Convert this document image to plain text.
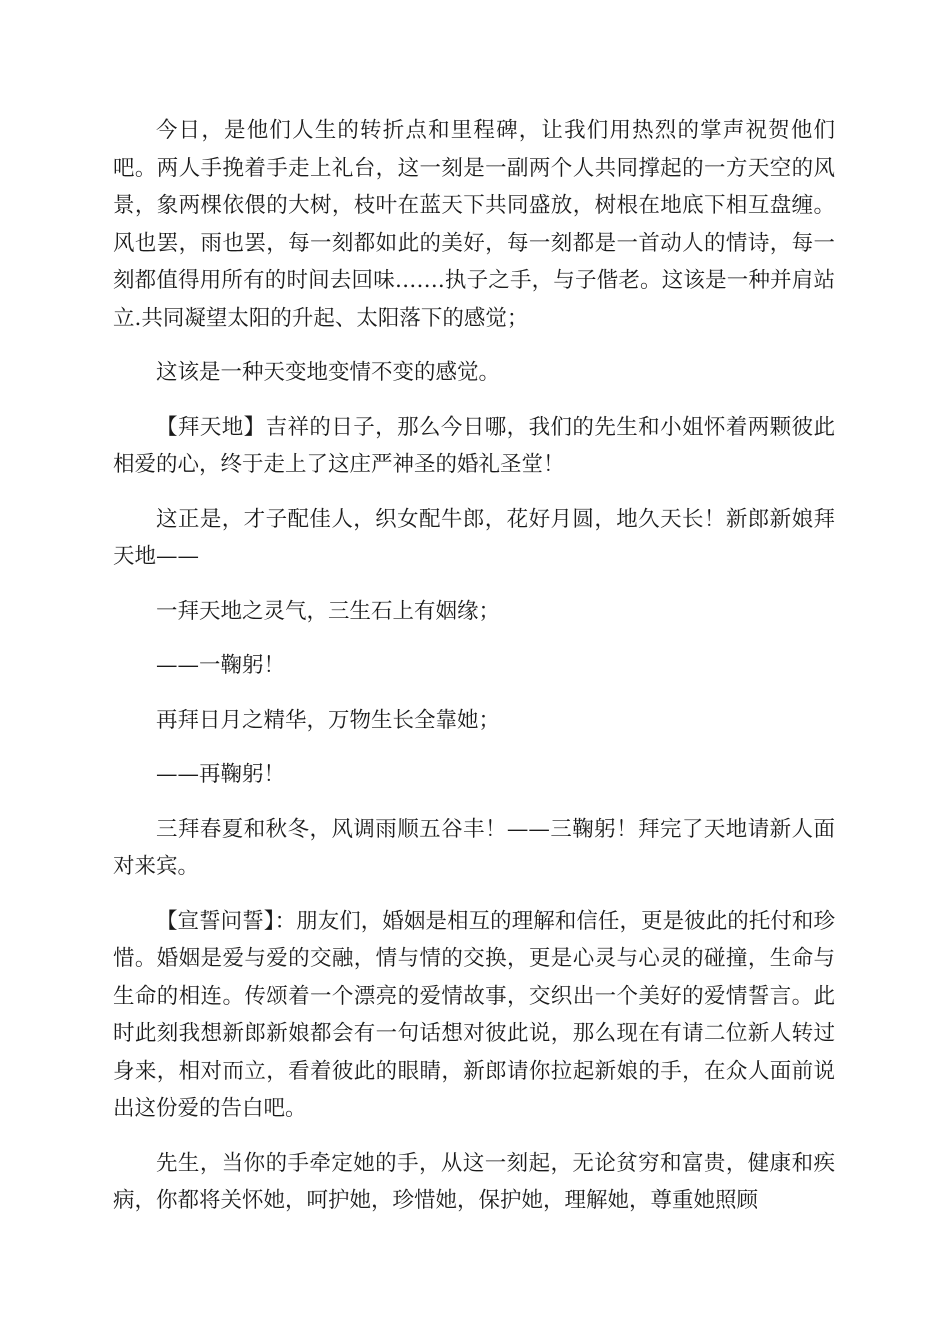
今日，是他们人生的转折点和里程碑，让我们用热烈的掌声祝贺他们吧。两人手挽着手走上礼台，这一刻是一副两个人共同撑起的一方天空的风景，象两棵依偎的大树，枝叶在蓝天下共同盛放，树根在地底下相互盘缠。风也罢，雨也罢，每一刻都如此的美好，每一刻都是一首动人的情诗，每一刻都值得用所有的时间去回味…….执子之手，与子偕老。这该是一种并肩站立.共同凝望太阳的升起、太阳落下的感觉；

这该是一种天变地变情不变的感觉。

【拜天地】吉祥的日子，那么今日哪，我们的先生和小姐怀着两颗彼此相爱的心，终于走上了这庄严神圣的婚礼圣堂！

这正是，才子配佳人，织女配牛郎，花好月圆，地久天长！新郎新娘拜天地——

一拜天地之灵气，三生石上有姻缘；

——一鞠躬！

再拜日月之精华，万物生长全靠她；

——再鞠躬！

三拜春夏和秋冬，风调雨顺五谷丰！——三鞠躬！拜完了天地请新人面对来宾。

【宣誓问誓】：朋友们，婚姻是相互的理解和信任，更是彼此的托付和珍惜。婚姻是爱与爱的交融，情与情的交换，更是心灵与心灵的碰撞，生命与生命的相连。传颂着一个漂亮的爱情故事，交织出一个美好的爱情誓言。此时此刻我想新郎新娘都会有一句话想对彼此说，那么现在有请二位新人转过身来，相对而立，看着彼此的眼睛，新郎请你拉起新娘的手，在众人面前说出这份爱的告白吧。

先生，当你的手牵定她的手，从这一刻起，无论贫穷和富贵，健康和疾病，你都将关怀她，呵护她，珍惜她，保护她，理解她，尊重她照顾
